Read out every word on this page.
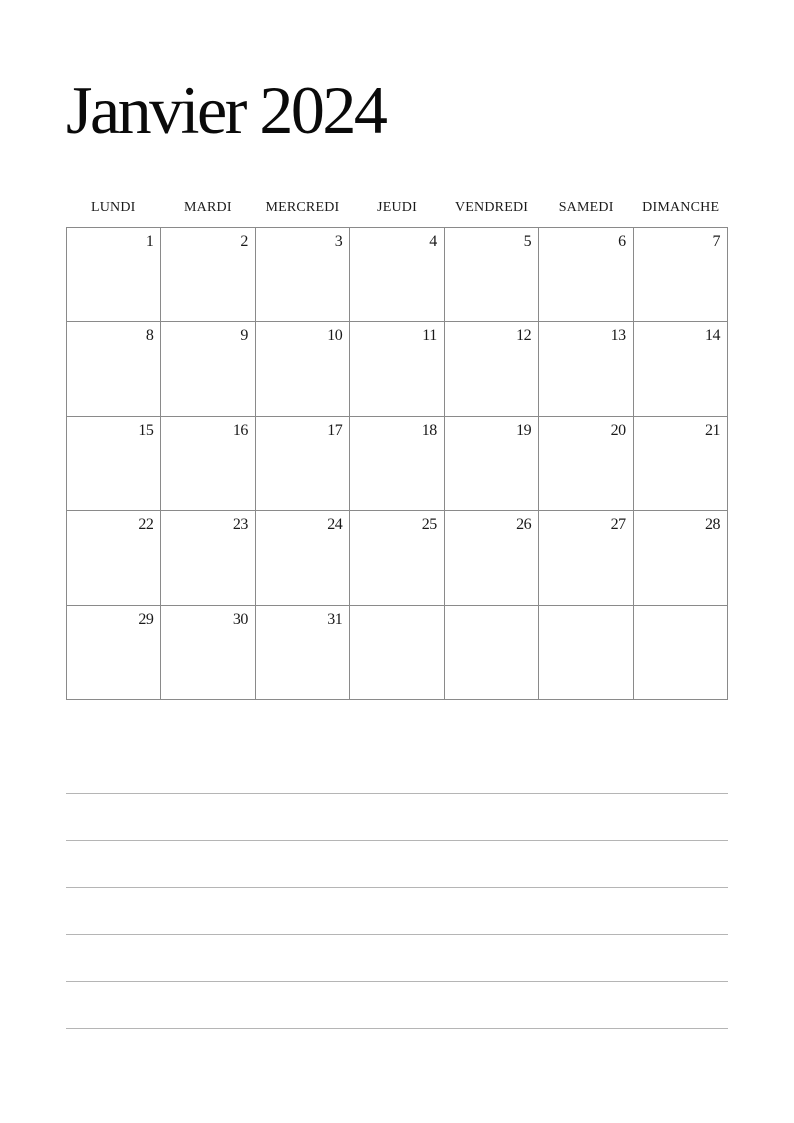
Janvier 2024
LUNDI	MARDI	MERCREDI	JEUDI	VENDREDI	SAMEDI	DIMANCHE
1	2	3	4	5	6	7
8	9	10	11	12	13	14
15	16	17	18	19	20	21
22	23	24	25	26	27	28
29	30	31
